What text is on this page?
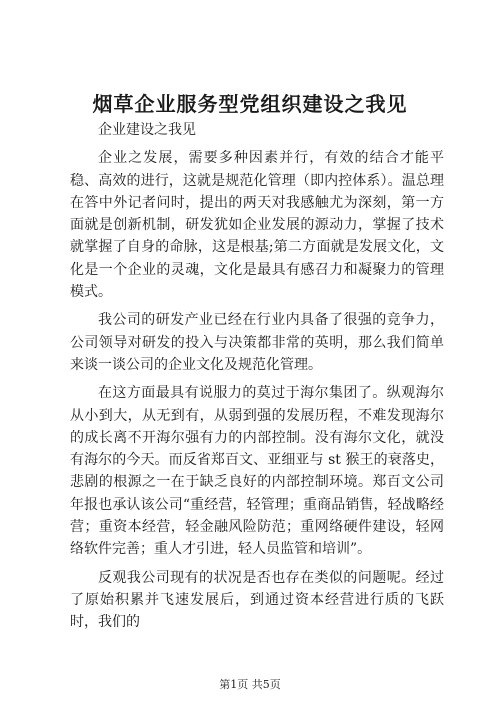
烟草企业服务型党组织建设之我见

企业建设之我见

企业之发展，需要多种因素并行，有效的结合才能平稳、高效的进行，这就是规范化管理（即内控体系）。温总理在答中外记者问时，提出的两天对我感触尤为深刻，第一方面就是创新机制，研发犹如企业发展的源动力，掌握了技术就掌握了自身的命脉，这是根基;第二方面就是发展文化，文化是一个企业的灵魂，文化是最具有感召力和凝聚力的管理模式。

我公司的研发产业已经在行业内具备了很强的竞争力，公司领导对研发的投入与决策都非常的英明，那么我们简单来谈一谈公司的企业文化及规范化管理。

在这方面最具有说服力的莫过于海尔集团了。纵观海尔从小到大，从无到有，从弱到强的发展历程，不难发现海尔的成长离不开海尔强有力的内部控制。没有海尔文化，就没有海尔的今天。而反省郑百文、亚细亚与 st 猴王的衰落史，悲剧的根源之一在于缺乏良好的内部控制环境。郑百文公司年报也承认该公司“重经营，轻管理；重商品销售，轻战略经营；重资本经营，轻金融风险防范；重网络硬件建设，轻网络软件完善；重人才引进，轻人员监管和培训”。

反观我公司现有的状况是否也存在类似的问题呢。经过了原始积累并飞速发展后，到通过资本经营进行质的飞跃时，我们的

第1页 共5页
